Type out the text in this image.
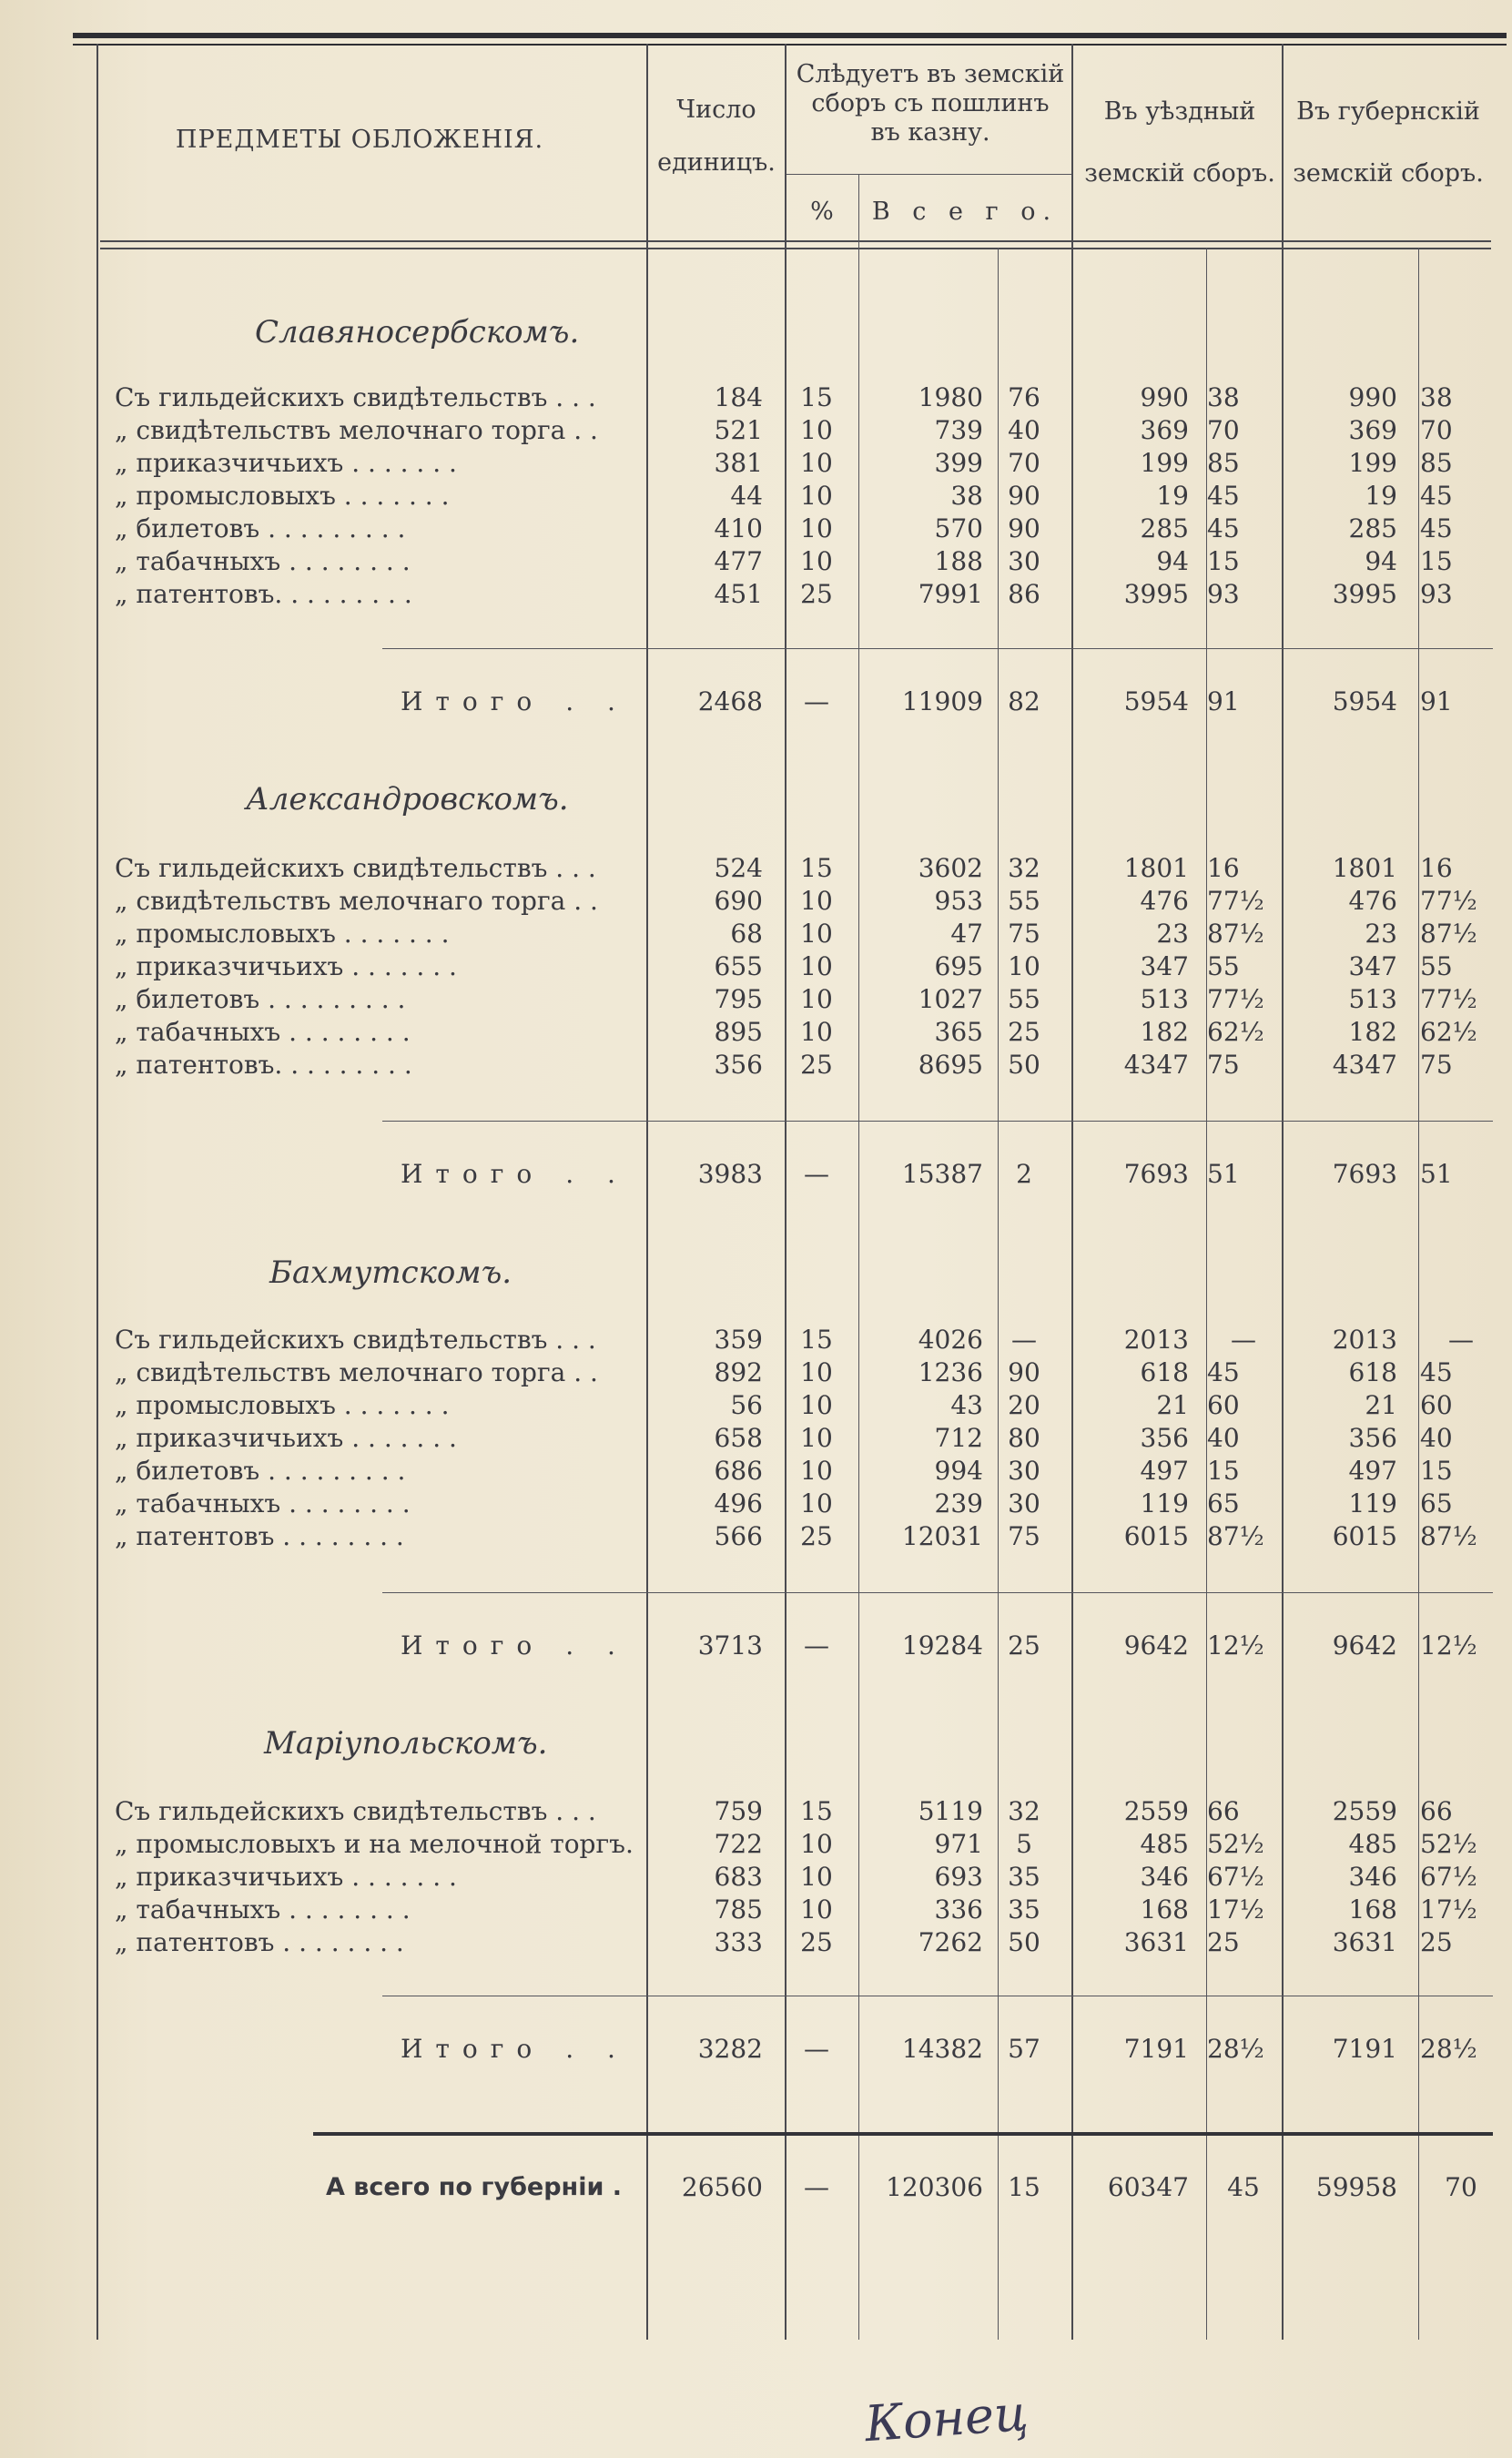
ПРЕДМЕТЫ ОБЛОЖЕНІЯ.
Число
единицъ.
Слѣдуетъ въ земскій
сборъ съ пошлинъ
въ казну.
%	В с е г о.
Въ уѣздный
земскій сборъ.
Въ губернскій
земскій сборъ.
Славяносербскомъ.
Съ гильдейскихъ свидѣтельствъ . . .	184	15	1980 76	990 38	990 38
„ свидѣтельствъ мелочнаго торга . .	521	10	739 40	369 70	369 70
„ приказчичьихъ . . . . . . .	381	10	399 70	199 85	199 85
„ промысловыхъ . . . . . . .	44	10	38 90	19 45	19 45
„ билетовъ . . . . . . . . .	410	10	570 90	285 45	285 45
„ табачныхъ . . . . . . . .	477	10	188 30	94 15	94 15
„ патентовъ. . . . . . . . .	451	25	7991 86	3995 93	3995 93
Итого . .	2468	—	11909 82	5954 91	5954 91
Александровскомъ.
Съ гильдейскихъ свидѣтельствъ . . .	524	15	3602 32	1801 16	1801 16
„ свидѣтельствъ мелочнаго торга . .	690	10	953 55	476 77½	476 77½
„ промысловыхъ . . . . . . .	68	10	47 75	23 87½	23 87½
„ приказчичьихъ . . . . . . .	655	10	695 10	347 55	347 55
„ билетовъ . . . . . . . . .	795	10	1027 55	513 77½	513 77½
„ табачныхъ . . . . . . . .	895	10	365 25	182 62½	182 62½
„ патентовъ. . . . . . . . .	356	25	8695 50	4347 75	4347 75
Итого . .	3983	—	15387	2	7693 51	7693 51
Бахмутскомъ.
Съ гильдейскихъ свидѣтельствъ . . .	359	15	4026	—	2013	—	2013	—
„ свидѣтельствъ мелочнаго торга . .	892	10	1236 90	618 45	618 45
„ промысловыхъ . . . . . . .	56	10	43 20	21 60	21 60
„ приказчичьихъ . . . . . . .	658	10	712 80	356 40	356 40
„ билетовъ . . . . . . . . .	686	10	994 30	497 15	497 15
„ табачныхъ . . . . . . . .	496	10	239 30	119 65	119 65
„ патентовъ . . . . . . . .	566	25	12031 75	6015 87½	6015 87½
Итого . .	3713	—	19284 25	9642 12½	9642 12½
Маріупольскомъ.
Съ гильдейскихъ свидѣтельствъ . . .	759	15	5119 32	2559 66	2559 66
„ промысловыхъ и на мелочной торгъ.	722	10	971	5	485 52½	485 52½
„ приказчичьихъ . . . . . . .	683	10	693 35	346 67½	346 67½
„ табачныхъ . . . . . . . .	785	10	336 35	168 17½	168 17½
„ патентовъ . . . . . . . .	333	25	7262 50	3631 25	3631 25
Итого . .	3282	—	14382 57	7191 28½	7191 28½
А всего по губерніи .	26560	—	120306 15	60347	45	59958 70
Конец
